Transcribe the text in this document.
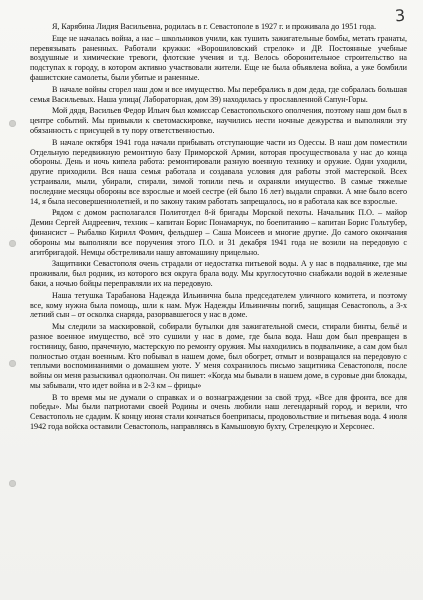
3

Я, Карябина Лидия Васильевна, родилась в г. Севастополе в 1927 г. и проживала до 1951 года.

Еще не началась война, а нас – школьников учили, как тушить зажигательные бомбы, метать гранаты, перевязывать раненных. Работали кружки: «Ворошиловский стрелок» и ДР. Постоянные учебные воздушные и химические тревоги, флотские учения и т.д. Велось оборонительное строительство на подступах к городу, в котором активно участвовали жители. Еще не была объявлена война, а уже бомбили фашистские самолеты, были убитые и раненные.

В начале войны сгорел наш дом и все имущество. Мы перебрались в дом деда, где собралась большая семья Васильевых. Наша улица( Лабораторная, дом 39) находилась у прославленной Сапун-Горы.

Мой дядя, Васильев Федор Ильич был комиссар Севастопольского ополчения, поэтому наш дом был в центре событий. Мы привыкли к светомаскировке, научились нести ночные дежурства и выполняли эту обязанность с присущей в ту пору ответственностью.

В начале октября 1941 года начали прибывать отступающие части из Одессы. В наш дом поместили Отдельную передвижную ремонтную базу Приморской Армии, которая просуществовала у нас до конца обороны. День и ночь кипела работа: ремонтировали разную военную технику и оружие. Одни уходили, другие приходили. Вся наша семья работала и создавала условия для работы этой мастерской. Всех устраивали, мыли, убирали, стирали, зимой топили печь и охраняли имущество. В самые тяжелые последние месяцы обороны все взрослые и моей сестре (ей было 16 лет) выдали справки. А мне было всего 14, я была несовершеннолетней, и по закону таким работать запрещалось, но я работала как все взрослые.

Рядом с домом располагался Политотдел 8-й бригады Морской пехоты. Начальник П.О. – майор Демин Сергей Андреевич, техник – капитан Борис Понамарчук, по боепитанию – капитан Борис Гольтубер, финансист – Рыбалко Кирилл Фомич, фельдшер – Саша Моисеев и многие другие. До самого окончания обороны мы выполняли все поручения этого П.О. и 31 декабря 1941 года не возили на передовую с агитбригадой. Немцы обстреливали нашу автомашину прицельно.

Защитники Севастополя очень страдали от недостатка питьевой воды. А у нас в подвальчике, где мы проживали, был родник, из которого вся округа брала воду. Мы круглосуточно снабжали водой в железные баки, а ночью бойцы переправляли их на передовую.

Наша тетушка Тарабанова Надежда Ильинична была председателем уличного комитета, и поэтому все, кому нужна была помощь, шли к нам. Муж Надежды Ильиничны погиб, защищая Севастополь, а 3-х летний сын – от осколка снаряда, разорвавшегося у нас в доме.

Мы следили за маскировкой, собирали бутылки для зажигательной смеси, стирали бинты, бельё и разное военное имущество, всё это сушили у нас в доме, где была вода. Наш дом был превращен в гостиницу, баню, прачечную, мастерскую по ремонту оружия. Мы находились в подвальчике, а сам дом был полностью отдан военным. Кто побывал в нашем доме, был обогрет, отмыт и возвращался на передовую с теплыми воспоминаниями о домашнем уюте. У меня сохранилось письмо защитника Севастополя, после войны он меня разыскивал однополчан. Он пишет: «Когда мы бывали в нашем доме, в суровые дни блокады, мы забывали, что идет война и в 2-3 км – фрицы»

В то время мы не думали о справках и о вознаграждении за свой труд. «Все для фронта, все для победы». Мы были патриотами своей Родины и очень любили наш легендарный город, и верили, что Севастополь не сдадим. К концу июня стали кончаться боеприпасы, продовольствие и питьевая вода. 4 июля 1942 года войска оставили Севастополь, направляясь в Камышовую бухту, Стрелецкую и Херсонес.
